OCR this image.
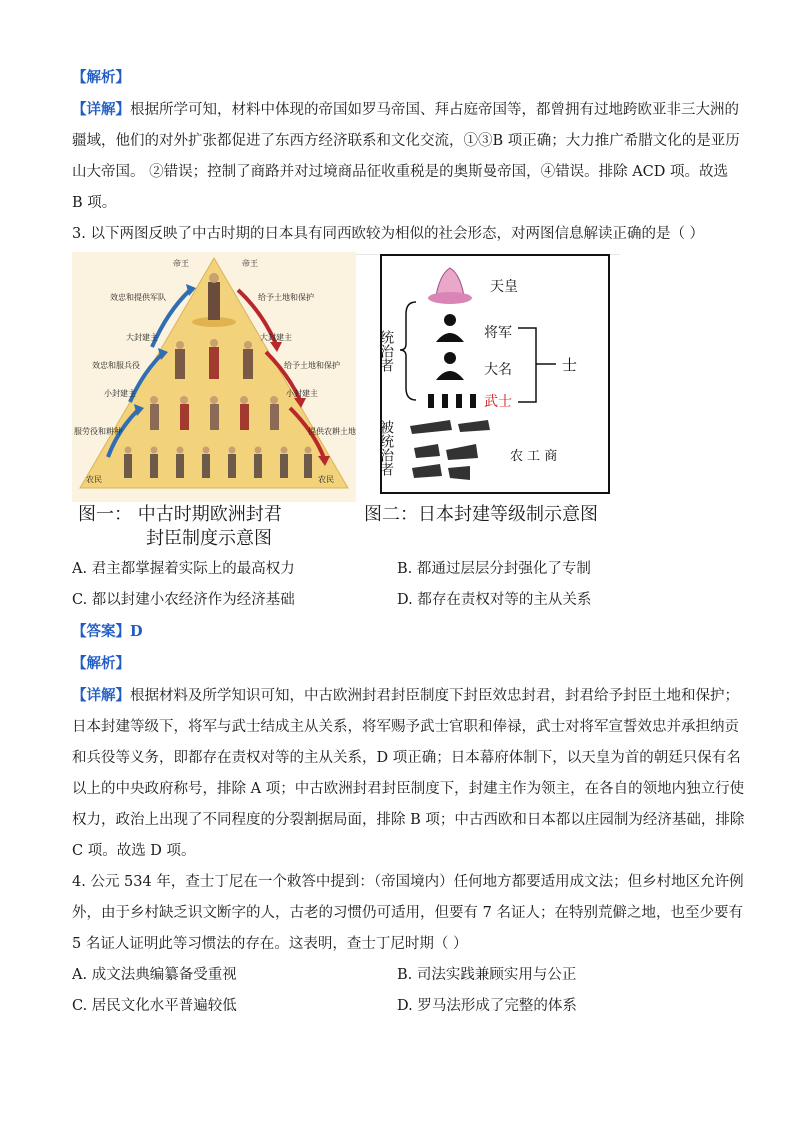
【解析】
【详解】根据所学可知，材料中体现的帝国如罗马帝国、拜占庭帝国等，都曾拥有过地跨欧亚非三大洲的
疆域，他们的对外扩张都促进了东西方经济联系和文化交流，①③B 项正确；大力推广希腊文化的是亚历
山大帝国。 ②错误；控制了商路并对过境商品征收重税是的奥斯曼帝国，④错误。排除 ACD 项。故选
B 项。
3. 以下两图反映了中古时期的日本具有同西欧较为相似的社会形态，对两图信息解读正确的是（ ）
帝王	帝王
大封建主	大封建主
小封建主	小封建主
农民	农民
效忠和提供军队
效忠和服兵役
服劳役和耕种
给予土地和保护
给予土地和保护
提供农耕土地
天皇
将军
大名
武士
统治者	士
被统治者	农 工 商
图一： 中古时期欧洲封君
封臣制度示意图
图二：日本封建等级制示意图
A. 君主都掌握着实际上的最高权力	B. 都通过层层分封强化了专制
C. 都以封建小农经济作为经济基础	D. 都存在责权对等的主从关系
【答案】D
【解析】
【详解】根据材料及所学知识可知，中古欧洲封君封臣制度下封臣效忠封君，封君给予封臣土地和保护；
日本封建等级下，将军与武士结成主从关系，将军赐予武士官职和俸禄，武士对将军宣誓效忠并承担纳贡
和兵役等义务，即都存在责权对等的主从关系，D 项正确；日本幕府体制下，以天皇为首的朝廷只保有名
以上的中央政府称号，排除 A 项；中古欧洲封君封臣制度下，封建主作为领主，在各自的领地内独立行使
权力，政治上出现了不同程度的分裂割据局面，排除 B 项；中古西欧和日本都以庄园制为经济基础，排除
C 项。故选 D 项。
4. 公元 534 年，查士丁尼在一个敕答中提到：（帝国境内）任何地方都要适用成文法；但乡村地区允许例
外，由于乡村缺乏识文断字的人，古老的习惯仍可适用，但要有 7 名证人；在特别荒僻之地，也至少要有
5 名证人证明此等习惯法的存在。这表明，查士丁尼时期（ ）
A. 成文法典编纂备受重视	B. 司法实践兼顾实用与公正
C. 居民文化水平普遍较低	D. 罗马法形成了完整的体系
